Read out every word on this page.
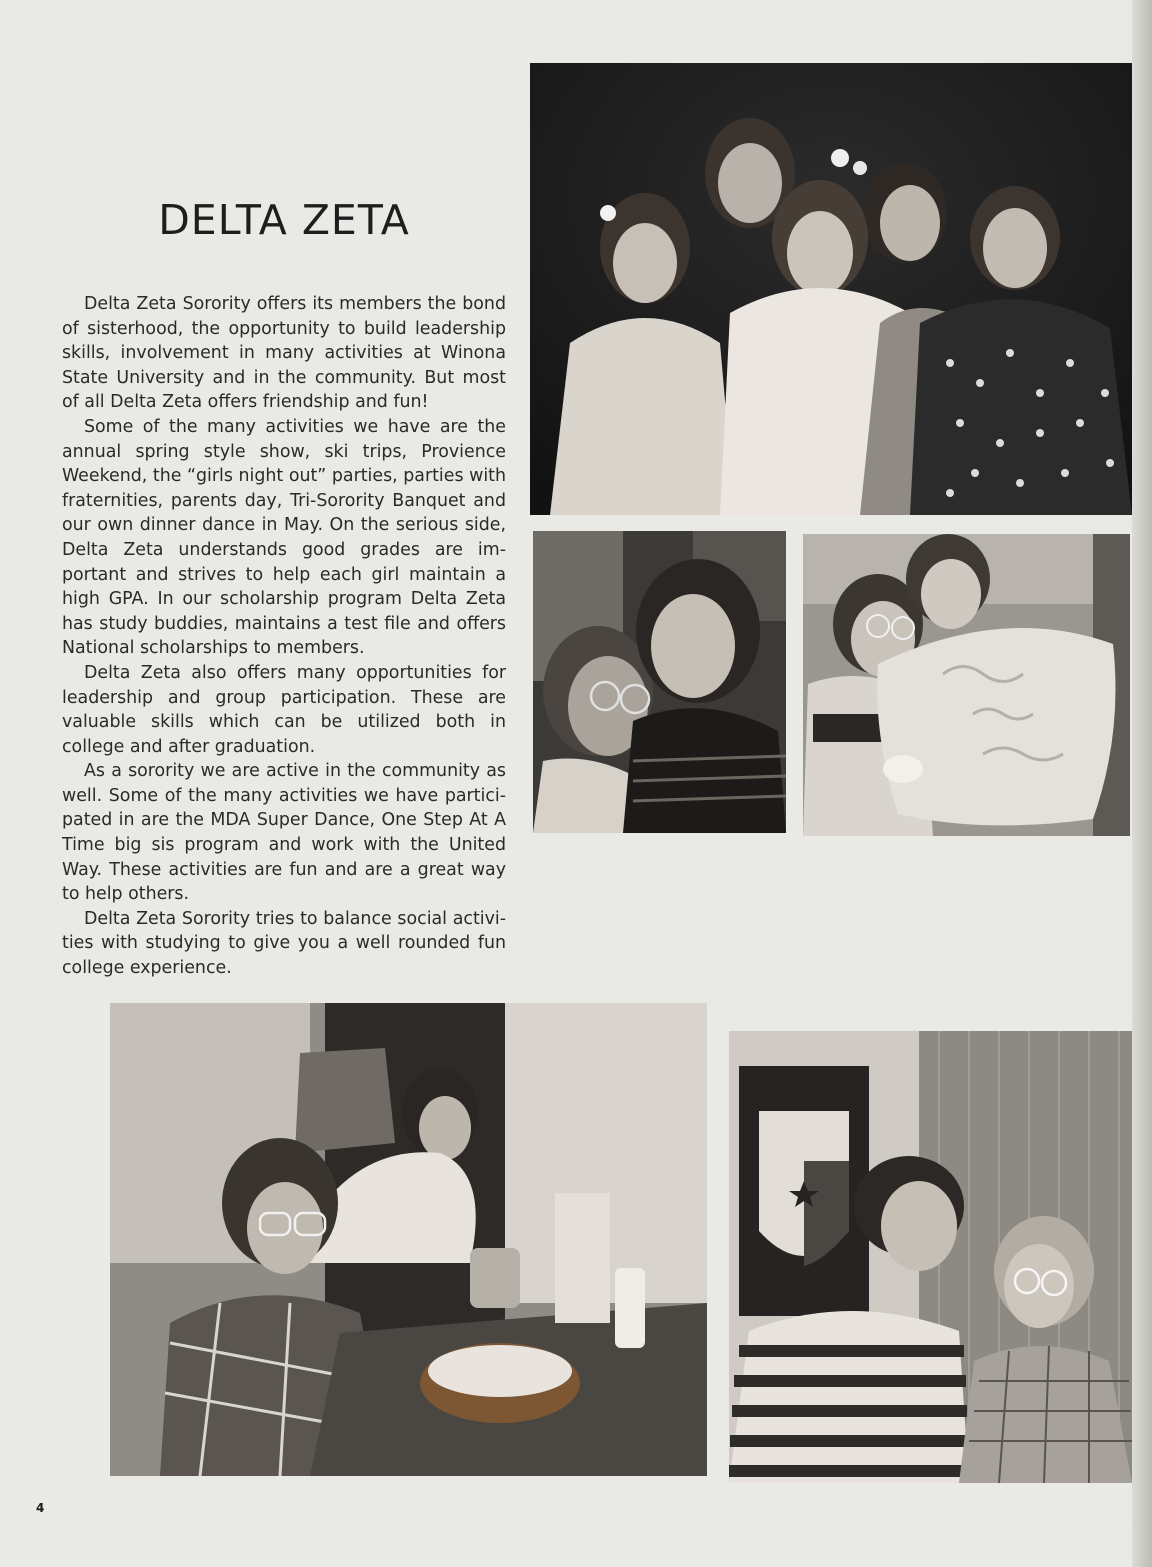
DELTA ZETA

Delta Zeta Sorority offers its members the bond of sisterhood, the opportunity to build leadership skills, involvement in many activities at Winona State University and in the community. But most of all Delta Zeta offers friendship and fun!

Some of the many activities we have are the annual spring style show, ski trips, Provience Weekend, the “girls night out” parties, parties with fraternities, parents day, Tri-Sorority Banquet and our own dinner dance in May. On the serious side, Delta Zeta understands good grades are important and strives to help each girl maintain a high GPA. In our scholarship program Delta Zeta has study buddies, maintains a test file and offers National scholarships to members.

Delta Zeta also offers many opportunities for leadership and group participation. These are valuable skills which can be utilized both in college and after graduation.

As a sorority we are active in the community as well. Some of the many activities we have participated in are the MDA Super Dance, One Step At A Time big sis program and work with the United Way. These activities are fun and are a great way to help others.

Delta Zeta Sorority tries to balance social activities with studying to give you a well rounded fun college experience.

4
